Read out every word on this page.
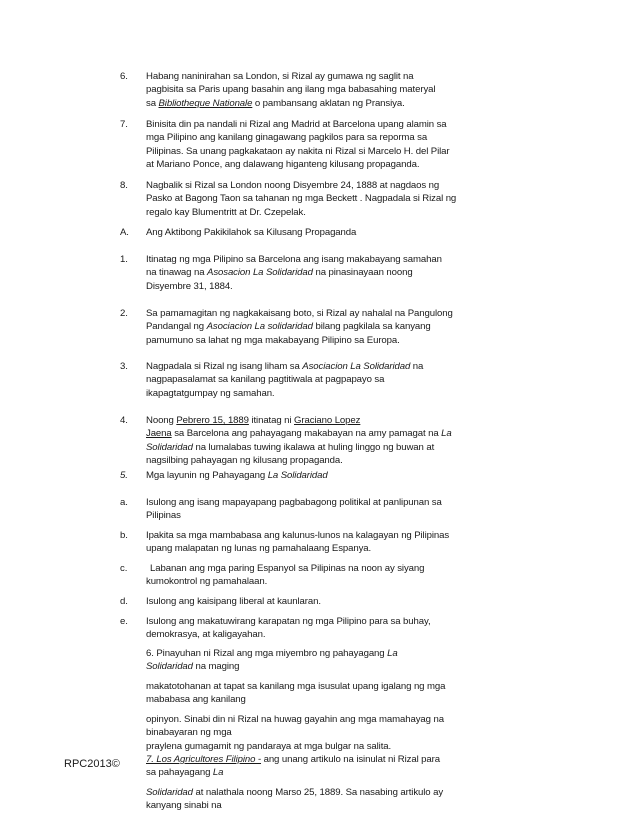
6.	Habang naninirahan sa London, si Rizal ay gumawa ng saglit na

pagbisita sa Paris upang basahin ang ilang mga babasahing materyal

sa Bibliotheque Nationale o pambansang aklatan ng Pransiya.

7.	Binisita din pa nandali ni Rizal ang Madrid at Barcelona upang alamin sa

mga Pilipino ang kanilang ginagawang pagkilos para sa reporma sa

Pilipinas. Sa unang pagkakataon ay nakita ni Rizal si Marcelo H. del Pilar

at Mariano Ponce, ang dalawang higanteng kilusang propaganda.

8.	Nagbalik si Rizal sa London noong Disyembre 24, 1888 at nagdaos ng

Pasko at Bagong Taon sa tahanan ng mga Beckett . Nagpadala si Rizal ng

regalo kay Blumentritt at Dr. Czepelak.

A.	Ang Aktibong Pakikilahok sa Kilusang Propaganda

1.	Itinatag ng mga Pilipino sa Barcelona ang isang makabayang samahan

na tinawag na Asosacion La Solidaridad na pinasinayaan noong

Disyembre 31, 1884.

2.	Sa pamamagitan ng nagkakaisang boto, si Rizal ay nahalal na Pangulong

Pandangal ng Asociacion La solidaridad bilang pagkilala sa kanyang

pamumuno sa lahat ng mga makabayang Pilipino sa Europa.

3.	Nagpadala si Rizal ng isang liham sa Asociacion La Solidaridad na

nagpapasalamat sa kanilang pagtitiwala at pagpapayo sa

ikapagtatgumpay ng samahan.

4.	Noong Pebrero 15, 1889 itinatag ni Graciano Lopez

Jaena sa Barcelona ang pahayagang makabayan na amy pamagat na La

Solidaridad na lumalabas tuwing ikalawa at huling linggo ng buwan at

nagsilbing pahayagan ng kilusang propaganda.

5.	Mga layunin ng Pahayagang La Solidaridad

a.	Isulong ang isang mapayapang pagbabagong politikal at panlipunan sa

Pilipinas

b.	Ipakita sa mga mambabasa ang kalunus-lunos na kalagayan ng Pilipinas

upang malapatan ng lunas ng pamahalaang Espanya.

c.	Labanan ang mga paring Espanyol sa Pilipinas na noon ay siyang

kumokontrol ng pamahalaan.

d.	Isulong ang kaisipang liberal at kaunlaran.

e.	Isulong ang makatuwirang karapatan ng mga Pilipino para sa buhay,

demokrasya, at kaligayahan.

6. Pinayuhan ni Rizal ang mga miyembro ng pahayagang La

Solidaridad na maging

makatotohanan at tapat sa kanilang mga isusulat upang igalang ng mga

mababasa ang kanilang

opinyon. Sinabi din ni Rizal na huwag gayahin ang mga mamahayag na

binabayaran ng mga

praylena gumagamit ng pandaraya at mga bulgar na salita.

7. Los Agricultores Filipino - ang unang artikulo na isinulat ni Rizal para

sa pahayagang La

Solidaridad at nalathala noong Marso 25, 1889. Sa nasabing artikulo ay

kanyang sinabi na

RPC2013©
